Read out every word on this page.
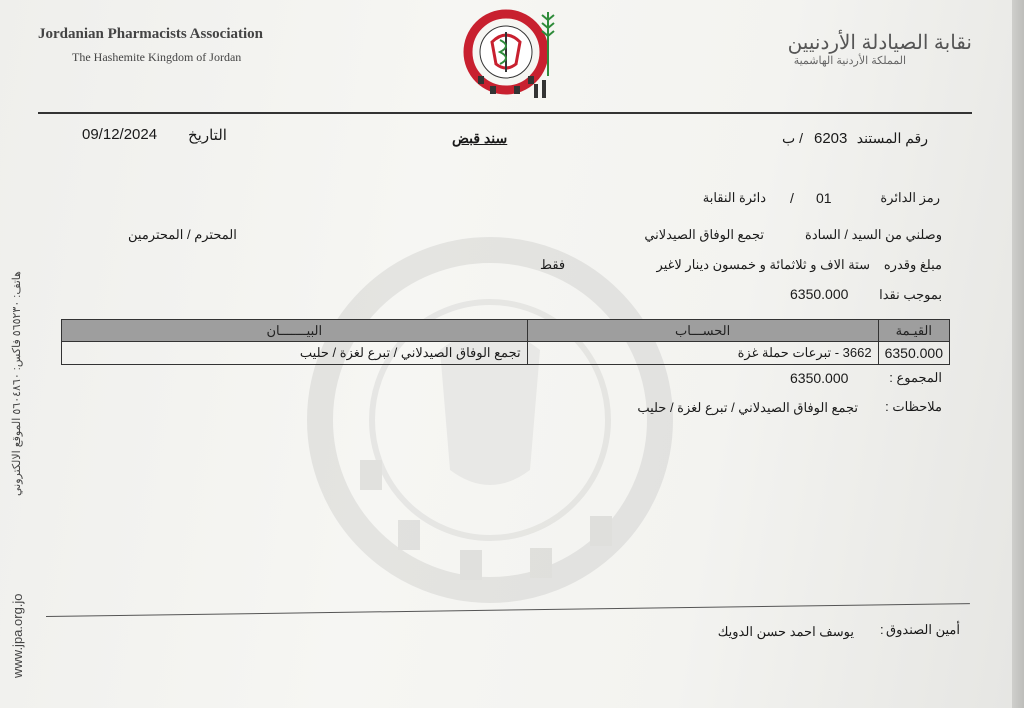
Jordanian Pharmacists Association
The Hashemite Kingdom of Jordan
نقابة الصيادلة الأردنيين
المملكة الأردنية الهاشمية
www.jpa.org.jo
هاتف: ٥٦٥٢٣٠ فاكس: ٥٦٠٤٨٦٠ الموقع الالكتروني
09/12/2024 التاريخ	سند قبض	رقم المستند
6203
/ ب
رمز الدائرة
01
/
دائرة النقابة
وصلني من السيد / السادة
تجمع الوفاق الصيدلاني
المحترم / المحترمين
مبلغ وقدره
ستة الاف و ثلاثمائة و خمسون دينار لاغير
فقط
بموجب نقدا
6350.000
القيـمة	الحســـاب	البيـــــــان
6350.000	3662 - تبرعات حملة غزة	تجمع الوفاق الصيدلاني / تبرع لغزة / حليب
المجموع :
6350.000
ملاحظات :
تجمع الوفاق الصيدلاني / تبرع لغزة / حليب
أمين الصندوق
:
يوسف احمد حسن الدويك
